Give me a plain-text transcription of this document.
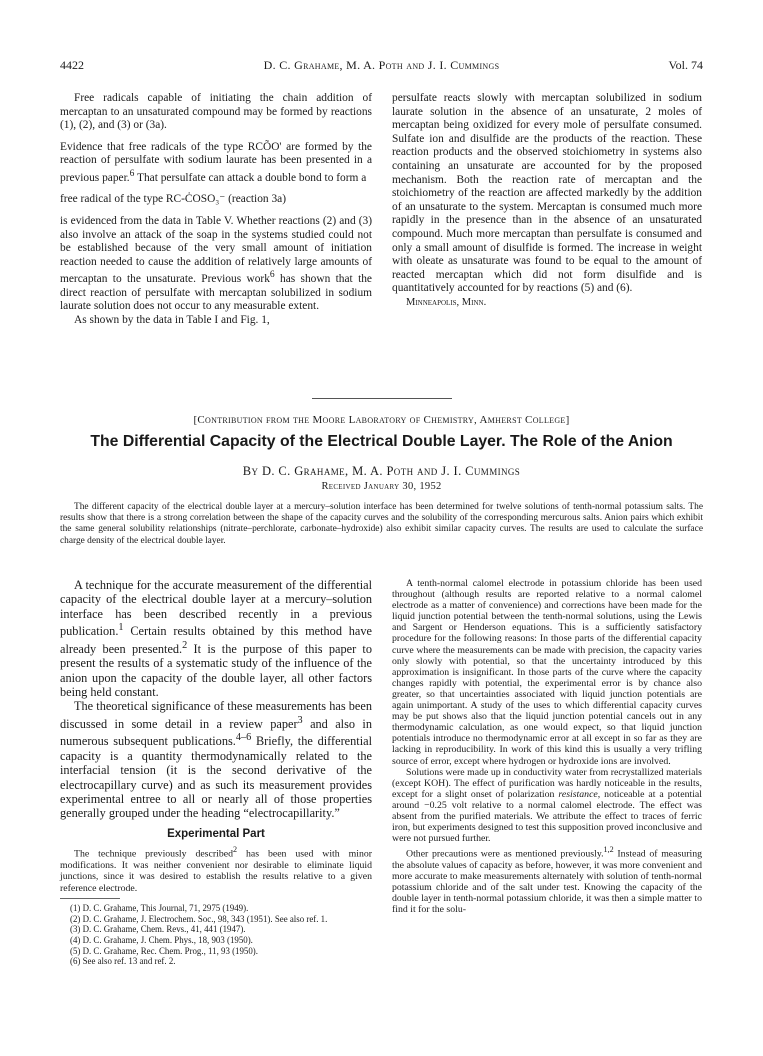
4422	D. C. Grahame, M. A. Poth and J. I. Cummings	Vol. 74

Free radicals capable of initiating the chain addition of mercaptan to an unsaturated compound may be formed by reactions (1), (2), and (3) or (3a).

Evidence that free radicals of the type RCÕO' are formed by the reaction of persulfate with sodium laurate has been presented in a previous paper.$^6$ That persulfate can attack a double bond to form a

free radical of the type RC-ĊOSO₃⁻ (reaction 3a)

is evidenced from the data in Table V. Whether reactions (2) and (3) also involve an attack of the soap in the systems studied could not be established because of the very small amount of initiation reaction needed to cause the addition of relatively large amounts of mercaptan to the unsaturate. Previous work$^6$ has shown that the direct reaction of persulfate with mercaptan solubilized in sodium laurate solution does not occur to any measurable extent.

As shown by the data in Table I and Fig. 1,

persulfate reacts slowly with mercaptan solubilized in sodium laurate solution in the absence of an unsaturate, 2 moles of mercaptan being oxidized for every mole of persulfate consumed. Sulfate ion and disulfide are the products of the reaction. These reaction products and the observed stoichiometry in systems also containing an unsaturate are accounted for by the proposed mechanism. Both the reaction rate of mercaptan and the stoichiometry of the reaction are affected markedly by the addition of an unsaturate to the system. Mercaptan is consumed much more rapidly in the presence than in the absence of an unsaturated compound. Much more mercaptan than persulfate is consumed and only a small amount of disulfide is formed. The increase in weight with oleate as unsaturate was found to be equal to the amount of reacted mercaptan which did not form disulfide and is quantitatively accounted for by reactions (5) and (6).

Minneapolis, Minn.

[Contribution from the Moore Laboratory of Chemistry, Amherst College]
The Differential Capacity of the Electrical Double Layer. The Role of the Anion
By D. C. Grahame, M. A. Poth and J. I. Cummings
Received January 30, 1952

The different capacity of the electrical double layer at a mercury–solution interface has been determined for twelve solutions of tenth-normal potassium salts. The results show that there is a strong correlation between the shape of the capacity curves and the solubility of the corresponding mercurous salts. Anion pairs which exhibit the same general solubility relationships (nitrate–perchlorate, carbonate–hydroxide) also exhibit similar capacity curves. The results are used to calculate the surface charge density of the electrical double layer.

A technique for the accurate measurement of the differential capacity of the electrical double layer at a mercury–solution interface has been described recently in a previous publication.$^1$ Certain results obtained by this method have already been presented.$^2$ It is the purpose of this paper to present the results of a systematic study of the influence of the anion upon the capacity of the double layer, all other factors being held constant.

The theoretical significance of these measurements has been discussed in some detail in a review paper$^3$ and also in numerous subsequent publications.$^{4-6}$ Briefly, the differential capacity is a quantity thermodynamically related to the interfacial tension (it is the second derivative of the electrocapillary curve) and as such its measurement provides experimental entree to all or nearly all of those properties generally grouped under the heading “electrocapillarity.”

Experimental Part

The technique previously described$^2$ has been used with minor modifications. It was neither convenient nor desirable to eliminate liquid junctions, since it was desired to establish the results relative to a given reference electrode.

(1) D. C. Grahame, This Journal, 71, 2975 (1949).
(2) D. C. Grahame, J. Electrochem. Soc., 98, 343 (1951). See also ref. 1.
(3) D. C. Grahame, Chem. Revs., 41, 441 (1947).
(4) D. C. Grahame, J. Chem. Phys., 18, 903 (1950).
(5) D. C. Grahame, Rec. Chem. Prog., 11, 93 (1950).
(6) See also ref. 13 and ref. 2.

A tenth-normal calomel electrode in potassium chloride has been used throughout (although results are reported relative to a normal calomel electrode as a matter of convenience) and corrections have been made for the liquid junction potential between the tenth-normal solutions, using the Lewis and Sargent or Henderson equations. This is a sufficiently satisfactory procedure for the following reasons: In those parts of the differential capacity curve where the measurements can be made with precision, the capacity varies only slowly with potential, so that the uncertainty introduced by this approximation is insignificant. In those parts of the curve where the capacity changes rapidly with potential, the experimental error is by chance also greater, so that uncertainties associated with liquid junction potentials are again unimportant. A study of the uses to which differential capacity curves may be put shows also that the liquid junction potential cancels out in any thermodynamic calculation, as one would expect, so that liquid junction potentials introduce no thermodynamic error at all except in so far as they are lacking in reproducibility. In work of this kind this is usually a very trifling source of error, except where hydrogen or hydroxide ions are involved.

Solutions were made up in conductivity water from recrystallized materials (except KOH). The effect of purification was hardly noticeable in the results, except for a slight onset of polarization resistance, noticeable at a potential around −0.25 volt relative to a normal calomel electrode. The effect was absent from the purified materials. We attribute the effect to traces of ferric iron, but experiments designed to test this supposition proved inconclusive and were not pursued further.

Other precautions were as mentioned previously.$^{1,2}$ Instead of measuring the absolute values of capacity as before, however, it was more convenient and more accurate to make measurements alternately with solution of tenth-normal potassium chloride and of the salt under test. Knowing the capacity of the double layer in tenth-normal potassium chloride, it was then a simple matter to find it for the solu-
